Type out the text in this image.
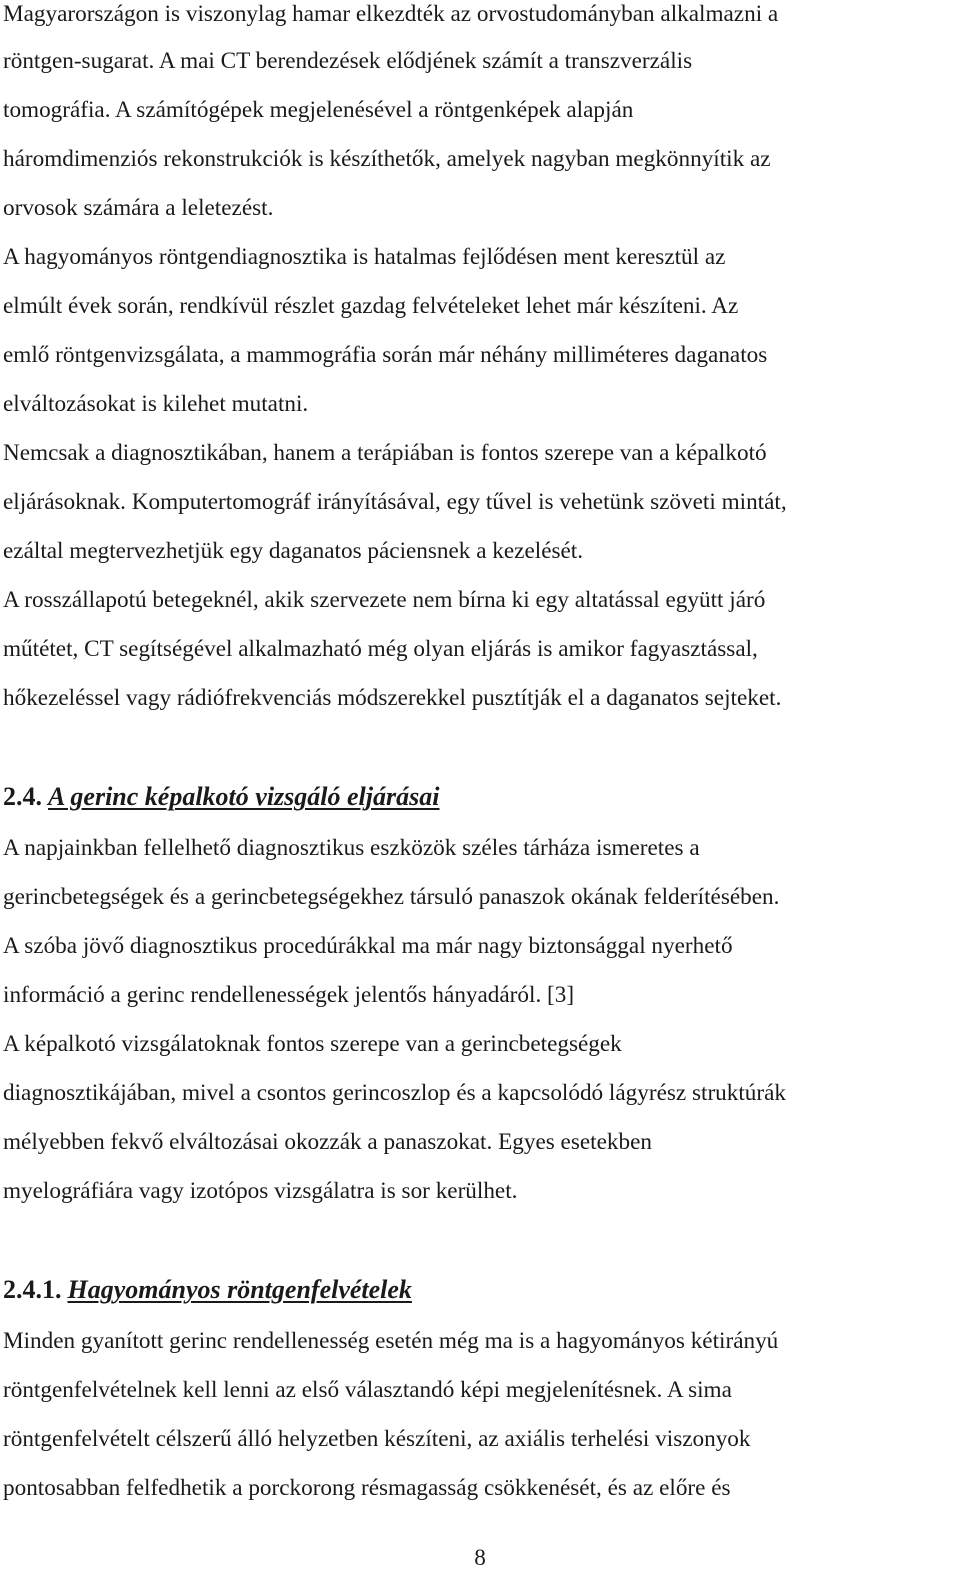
Magyarországon is viszonylag hamar elkezdték az orvostudományban alkalmazni a
röntgen-sugarat. A mai CT berendezések elődjének számít a transzverzális
tomográfia. A számítógépek megjelenésével a röntgenképek alapján
háromdimenziós rekonstrukciók is készíthetők, amelyek nagyban megkönnyítik az
orvosok számára a leletezést.
A hagyományos röntgendiagnosztika is hatalmas fejlődésen ment keresztül az
elmúlt évek során, rendkívül részlet gazdag felvételeket lehet már készíteni. Az
emlő röntgenvizsgálata, a mammográfia során már néhány milliméteres daganatos
elváltozásokat is kilehet mutatni.
Nemcsak a diagnosztikában, hanem a terápiában is fontos szerepe van a képalkotó
eljárásoknak. Komputertomográf irányításával, egy tűvel is vehetünk szöveti mintát,
ezáltal megtervezhetjük egy daganatos páciensnek a kezelését.
A rosszállapotú betegeknél, akik szervezete nem bírna ki egy altatással együtt járó
műtétet, CT segítségével alkalmazható még olyan eljárás is amikor fagyasztással,
hőkezeléssel vagy rádiófrekvenciás módszerekkel pusztítják el a daganatos sejteket.
2.4. A gerinc képalkotó vizsgáló eljárásai
A napjainkban fellelhető diagnosztikus eszközök széles tárháza ismeretes a
gerincbetegségek és a gerincbetegségekhez társuló panaszok okának felderítésében.
A szóba jövő diagnosztikus procedúrákkal ma már nagy biztonsággal nyerhető
információ a gerinc rendellenességek jelentős hányadáról. [3]
A képalkotó vizsgálatoknak fontos szerepe van a gerincbetegségek
diagnosztikájában, mivel a csontos gerincoszlop és a kapcsolódó lágyrész struktúrák
mélyebben fekvő elváltozásai okozzák a panaszokat. Egyes esetekben
myelográfiára vagy izotópos vizsgálatra is sor kerülhet.
2.4.1. Hagyományos röntgenfelvételek
Minden gyanított gerinc rendellenesség esetén még ma is a hagyományos kétirányú
röntgenfelvételnek kell lenni az első választandó képi megjelenítésnek. A sima
röntgenfelvételt célszerű álló helyzetben készíteni, az axiális terhelési viszonyok
pontosabban felfedhetik a porckorong résmagasság csökkenését, és az előre és
8
